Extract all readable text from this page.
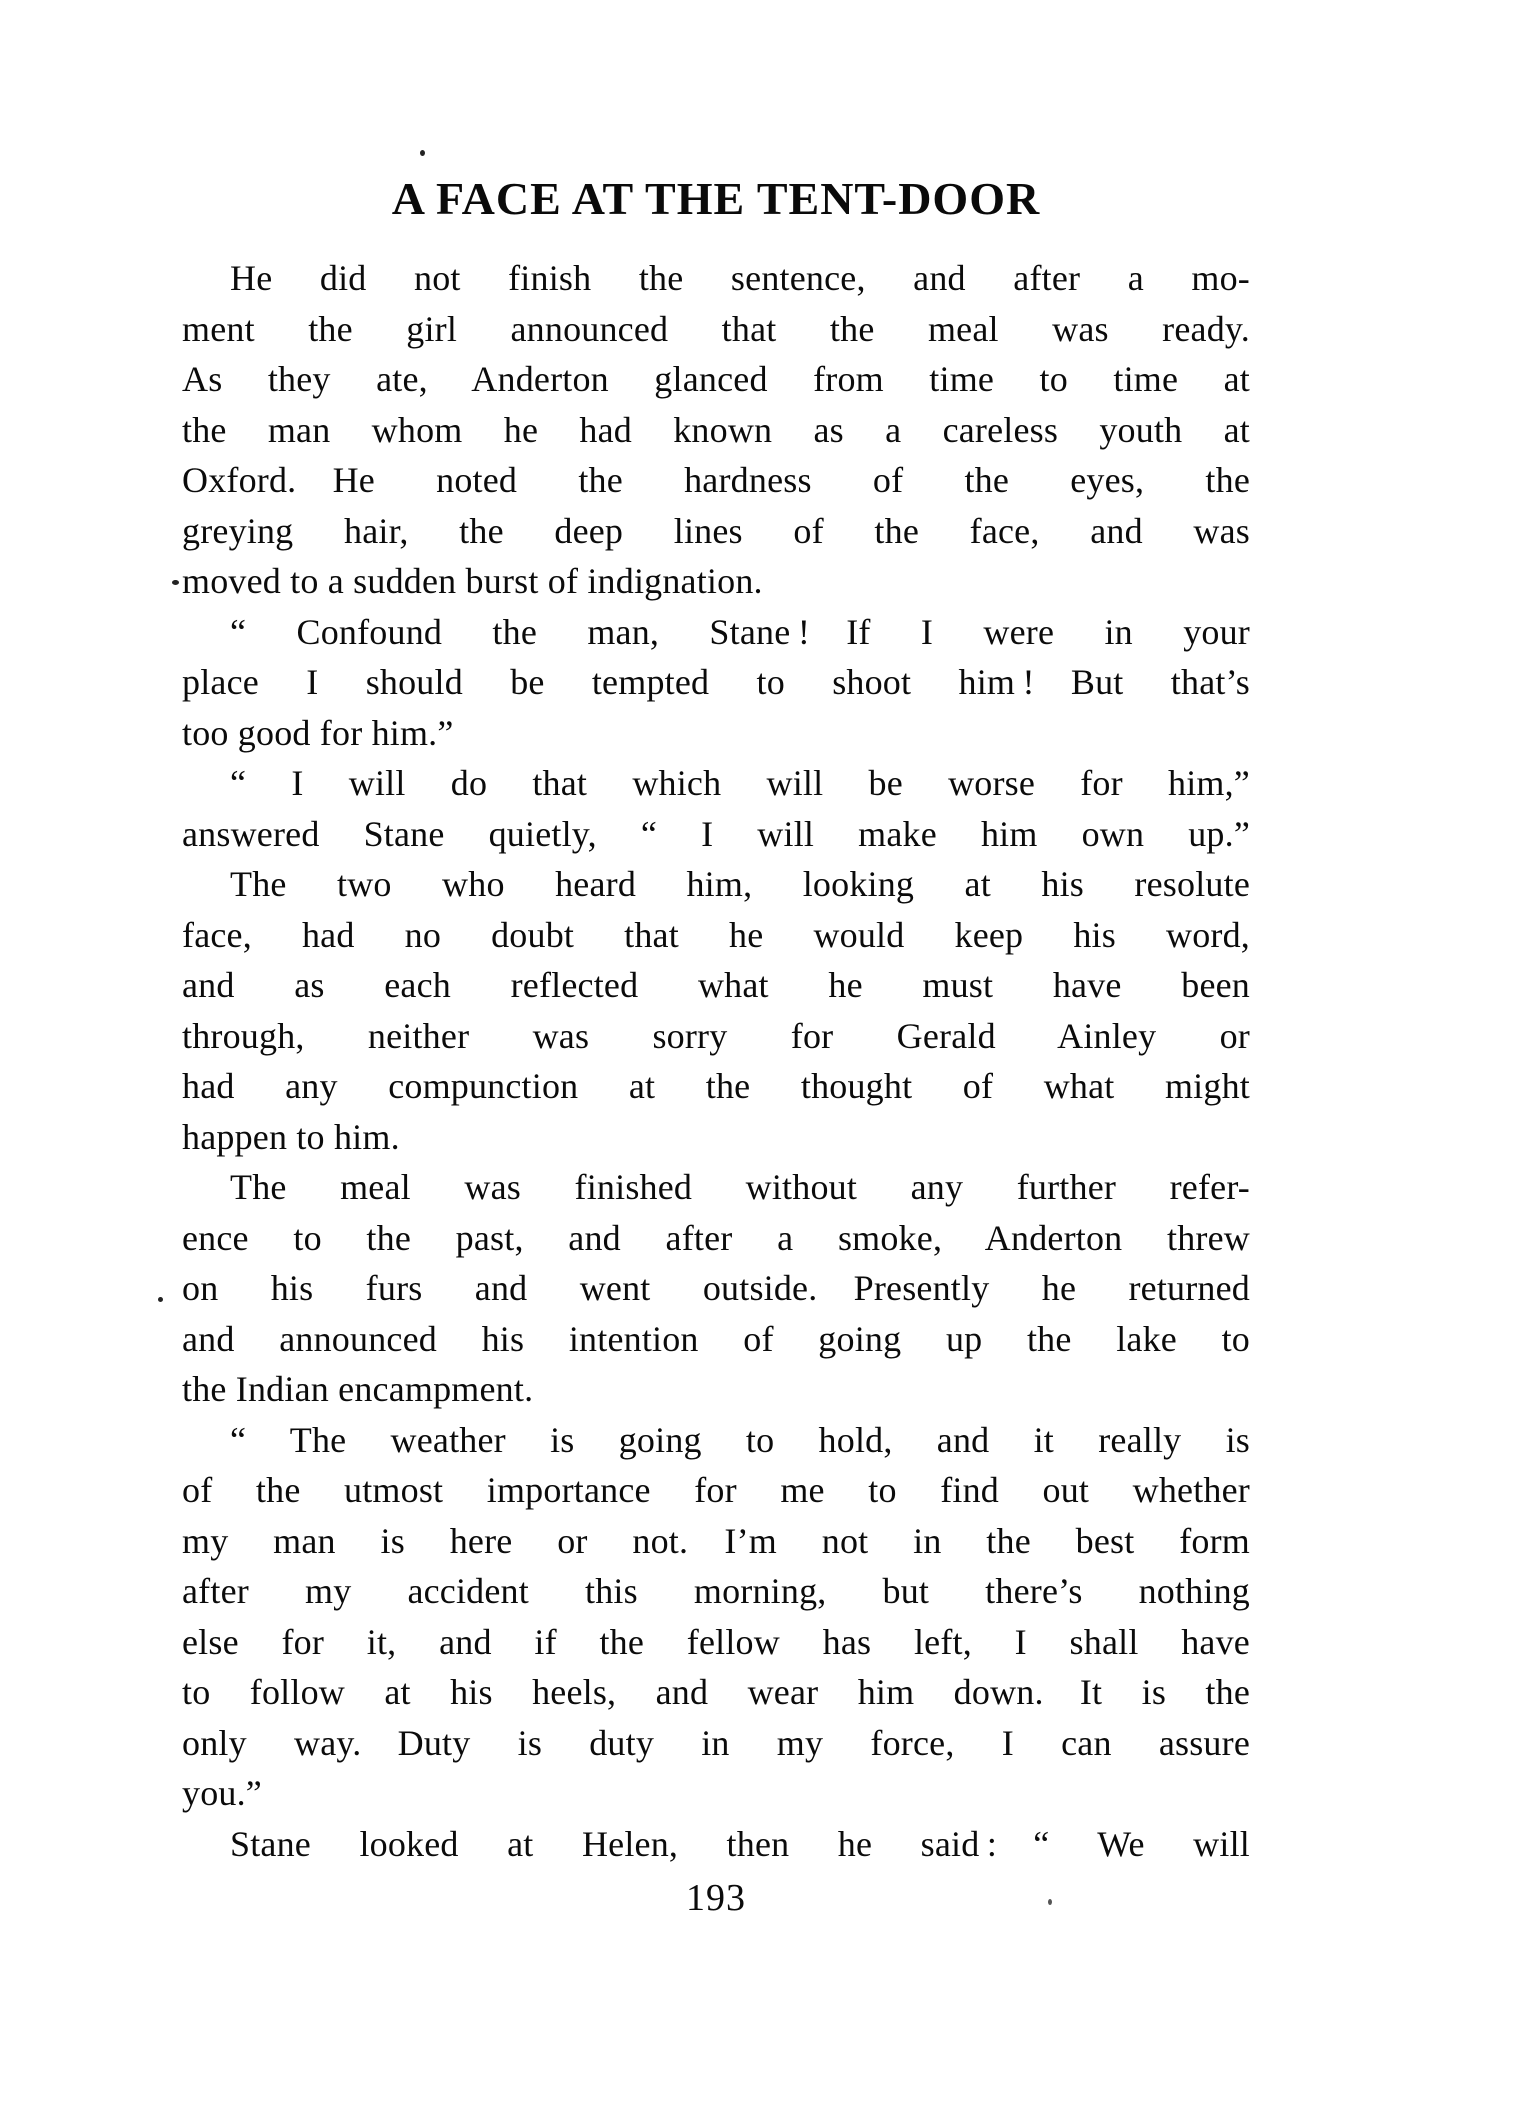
A FACE AT THE TENT-DOOR
He did not finish the sentence, and after a mo-
ment the girl announced that the meal was ready.
As they ate, Anderton glanced from time to time at
the man whom he had known as a careless youth at
Oxford. He noted the hardness of the eyes, the
greying hair, the deep lines of the face, and was
moved to a sudden burst of indignation.
“ Confound the man, Stane ! If I were in your
place I should be tempted to shoot him ! But that’s
too good for him.”
“ I will do that which will be worse for him,”
answered Stane quietly, “ I will make him own up.”
The two who heard him, looking at his resolute
face, had no doubt that he would keep his word,
and as each reflected what he must have been
through, neither was sorry for Gerald Ainley or
had any compunction at the thought of what might
happen to him.
The meal was finished without any further refer-
ence to the past, and after a smoke, Anderton threw
on his furs and went outside. Presently he returned
and announced his intention of going up the lake to
the Indian encampment.
“ The weather is going to hold, and it really is
of the utmost importance for me to find out whether
my man is here or not. I’m not in the best form
after my accident this morning, but there’s nothing
else for it, and if the fellow has left, I shall have
to follow at his heels, and wear him down. It is the
only way. Duty is duty in my force, I can assure
you.”
Stane looked at Helen, then he said : “ We will
193
